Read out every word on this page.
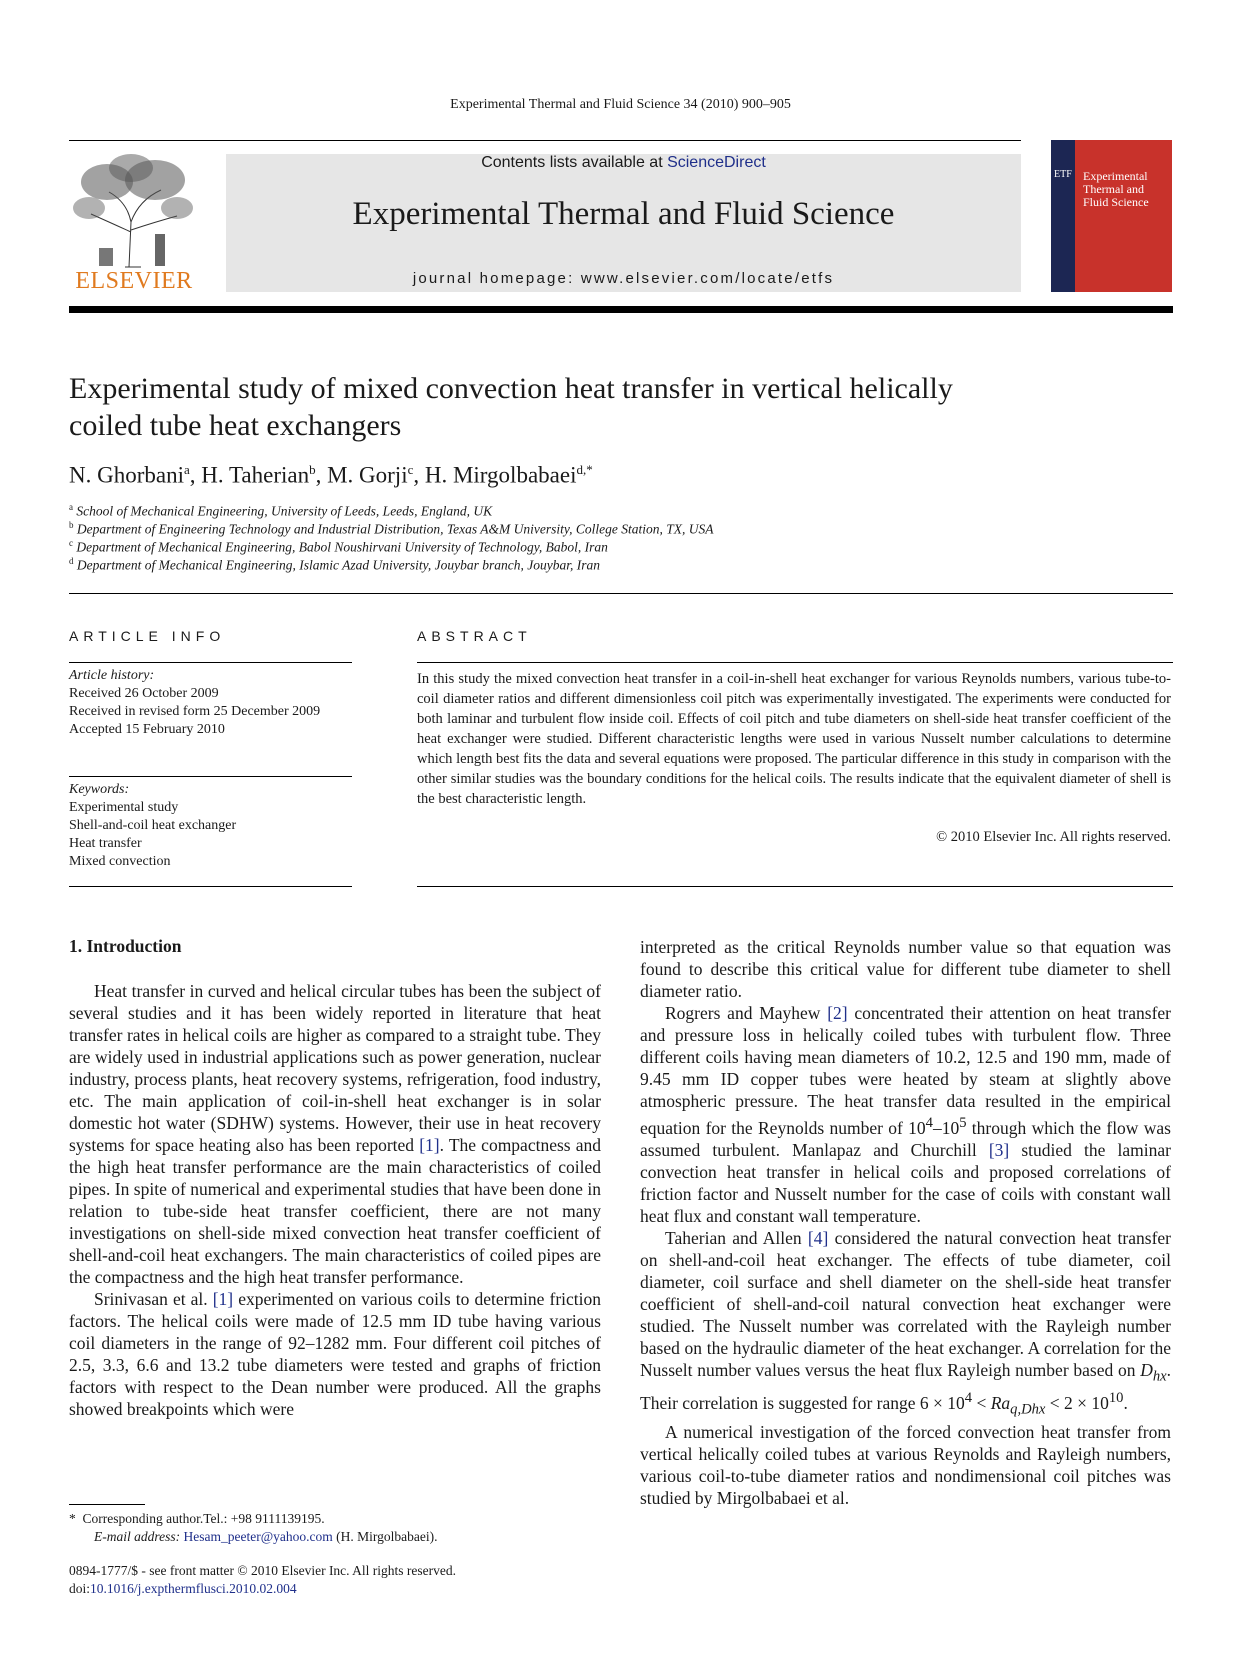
Experimental Thermal and Fluid Science 34 (2010) 900–905
ELSEVIER
Contents lists available at ScienceDirect
Experimental Thermal and Fluid Science
journal homepage: www.elsevier.com/locate/etfs
ETF Experimental Thermal and Fluid Science
Experimental study of mixed convection heat transfer in vertical helically
coiled tube heat exchangers
N. Ghorbani$^a$, H. Taherian$^b$, M. Gorji$^c$, H. Mirgolbabaei$^{d,*}$
$^a$ School of Mechanical Engineering, University of Leeds, Leeds, England, UK
$^b$ Department of Engineering Technology and Industrial Distribution, Texas A&M University, College Station, TX, USA
$^c$ Department of Mechanical Engineering, Babol Noushirvani University of Technology, Babol, Iran
$^d$ Department of Mechanical Engineering, Islamic Azad University, Jouybar branch, Jouybar, Iran
ARTICLE INFO
Article history:
Received 26 October 2009
Received in revised form 25 December 2009
Accepted 15 February 2010
Keywords:
Experimental study
Shell-and-coil heat exchanger
Heat transfer
Mixed convection
ABSTRACT
In this study the mixed convection heat transfer in a coil-in-shell heat exchanger for various Reynolds numbers, various tube-to-coil diameter ratios and different dimensionless coil pitch was experimentally investigated. The experiments were conducted for both laminar and turbulent flow inside coil. Effects of coil pitch and tube diameters on shell-side heat transfer coefficient of the heat exchanger were studied. Different characteristic lengths were used in various Nusselt number calculations to determine which length best fits the data and several equations were proposed. The particular difference in this study in comparison with the other similar studies was the boundary conditions for the helical coils. The results indicate that the equivalent diameter of shell is the best characteristic length.
© 2010 Elsevier Inc. All rights reserved.
1. Introduction

Heat transfer in curved and helical circular tubes has been the subject of several studies and it has been widely reported in literature that heat transfer rates in helical coils are higher as compared to a straight tube. They are widely used in industrial applications such as power generation, nuclear industry, process plants, heat recovery systems, refrigeration, food industry, etc. The main application of coil-in-shell heat exchanger is in solar domestic hot water (SDHW) systems. However, their use in heat recovery systems for space heating also has been reported [1]. The compactness and the high heat transfer performance are the main characteristics of coiled pipes. In spite of numerical and experimental studies that have been done in relation to tube-side heat transfer coefficient, there are not many investigations on shell-side mixed convection heat transfer coefficient of shell-and-coil heat exchangers. The main characteristics of coiled pipes are the compactness and the high heat transfer performance.

Srinivasan et al. [1] experimented on various coils to determine friction factors. The helical coils were made of 12.5 mm ID tube having various coil diameters in the range of 92–1282 mm. Four different coil pitches of 2.5, 3.3, 6.6 and 13.2 tube diameters were tested and graphs of friction factors with respect to the Dean number were produced. All the graphs showed breakpoints which were

interpreted as the critical Reynolds number value so that equation was found to describe this critical value for different tube diameter to shell diameter ratio.

Rogrers and Mayhew [2] concentrated their attention on heat transfer and pressure loss in helically coiled tubes with turbulent flow. Three different coils having mean diameters of 10.2, 12.5 and 190 mm, made of 9.45 mm ID copper tubes were heated by steam at slightly above atmospheric pressure. The heat transfer data resulted in the empirical equation for the Reynolds number of $10^4-10^5$ through which the flow was assumed turbulent. Manlapaz and Churchill [3] studied the laminar convection heat transfer in helical coils and proposed correlations of friction factor and Nusselt number for the case of coils with constant wall heat flux and constant wall temperature.

Taherian and Allen [4] considered the natural convection heat transfer on shell-and-coil heat exchanger. The effects of tube diameter, coil diameter, coil surface and shell diameter on the shell-side heat transfer coefficient of shell-and-coil natural convection heat exchanger were studied. The Nusselt number was correlated with the Rayleigh number based on the hydraulic diameter of the heat exchanger. A correlation for the Nusselt number values versus the heat flux Rayleigh number based on $D_{hx}$. Their correlation is suggested for range $6 \times 10^4 < Ra_{q,Dhx} < 2 \times 10^{10}$.

A numerical investigation of the forced convection heat transfer from vertical helically coiled tubes at various Reynolds and Rayleigh numbers, various coil-to-tube diameter ratios and nondimensional coil pitches was studied by Mirgolbabaei et al.

* Corresponding author.Tel.: +98 9111139195.
E-mail address: Hesam_peeter@yahoo.com (H. Mirgolbabaei).
0894-1777/$ - see front matter © 2010 Elsevier Inc. All rights reserved.
doi:10.1016/j.expthermflusci.2010.02.004
